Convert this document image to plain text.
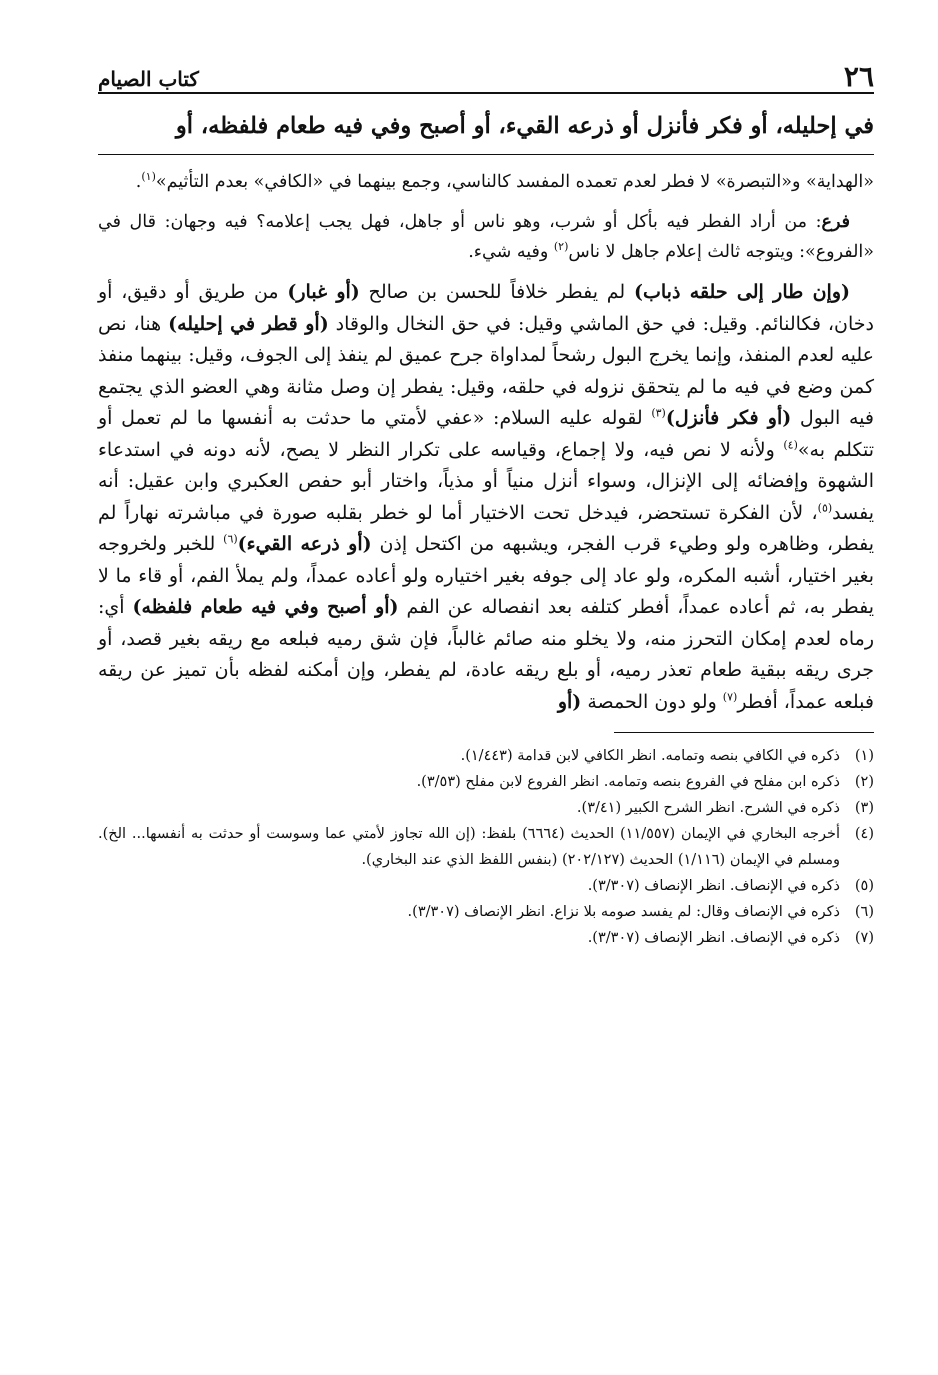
٢٦
كتاب الصيام
في إحليله، أو فكر فأنزل أو ذرعه القيء، أو أصبح وفي فيه طعام فلفظه، أو

«الهداية» و«التبصرة» لا فطر لعدم تعمده المفسد كالناسي، وجمع بينهما في «الكافي» بعدم التأثيم»$^{(١)}$.

فرع: من أراد الفطر فيه بأكل أو شرب، وهو ناس أو جاهل، فهل يجب إعلامه؟ فيه وجهان: قال في «الفروع»: ويتوجه ثالث إعلام جاهل لا ناس$^{(٢)}$ وفيه شيء.

(وإن طار إلى حلقه ذباب) لم يفطر خلافاً للحسن بن صالح (أو غبار) من طريق أو دقيق، أو دخان، فكالنائم. وقيل: في حق الماشي وقيل: في حق النخال والوقاد (أو قطر في إحليله) هنا، نص عليه لعدم المنفذ، وإنما يخرج البول رشحاً لمداواة جرح عميق لم ينفذ إلى الجوف، وقيل: بينهما منفذ كمن وضع في فيه ما لم يتحقق نزوله في حلقه، وقيل: يفطر إن وصل مثانة وهي العضو الذي يجتمع فيه البول (أو فكر فأنزل)$^{(٣)}$ لقوله عليه السلام: «عفي لأمتي ما حدثت به أنفسها ما لم تعمل أو تتكلم به»$^{(٤)}$ ولأنه لا نص فيه، ولا إجماع، وقياسه على تكرار النظر لا يصح، لأنه دونه في استدعاء الشهوة وإفضائه إلى الإنزال، وسواء أنزل منياً أو مذياً، واختار أبو حفص العكبري وابن عقيل: أنه يفسد$^{(٥)}$، لأن الفكرة تستحضر، فيدخل تحت الاختيار أما لو خطر بقلبه صورة في مباشرته نهاراً لم يفطر، وظاهره ولو وطيء قرب الفجر، ويشبهه من اكتحل إذن (أو ذرعه القيء)$^{(٦)}$ للخبر ولخروجه بغير اختيار، أشبه المكره، ولو عاد إلى جوفه بغير اختياره ولو أعاده عمداً، ولم يملأ الفم، أو قاء ما لا يفطر به، ثم أعاده عمداً، أفطر كتلفه بعد انفصاله عن الفم (أو أصبح وفي فيه طعام فلفظه) أي: رماه لعدم إمكان التحرز منه، ولا يخلو منه صائم غالباً، فإن شق رميه فبلعه مع ريقه بغير قصد، أو جرى ريقه ببقية طعام تعذر رميه، أو بلع ريقه عادة، لم يفطر، وإن أمكنه لفظه بأن تميز عن ريقه فبلعه عمداً، أفطر$^{(٧)}$ ولو دون الحمصة (أو

(١)
ذكره في الكافي بنصه وتمامه. انظر الكافي لابن قدامة (١/٤٤٣).
(٢)
ذكره ابن مفلح في الفروع بنصه وتمامه. انظر الفروع لابن مفلح (٣/٥٣).
(٣)
ذكره في الشرح. انظر الشرح الكبير (٣/٤١).
(٤)
أخرجه البخاري في الإيمان (١١/٥٥٧) الحديث (٦٦٦٤) بلفظ: (إن الله تجاوز لأمتي عما وسوست أو حدثت به أنفسها... الخ). ومسلم في الإيمان (١/١١٦) الحديث (٢٠٢/١٢٧) (بنفس اللفظ الذي عند البخاري).
(٥)
ذكره في الإنصاف. انظر الإنصاف (٣/٣٠٧).
(٦)
ذكره في الإنصاف وقال: لم يفسد صومه بلا نزاع. انظر الإنصاف (٣/٣٠٧).
(٧)
ذكره في الإنصاف. انظر الإنصاف (٣/٣٠٧).
